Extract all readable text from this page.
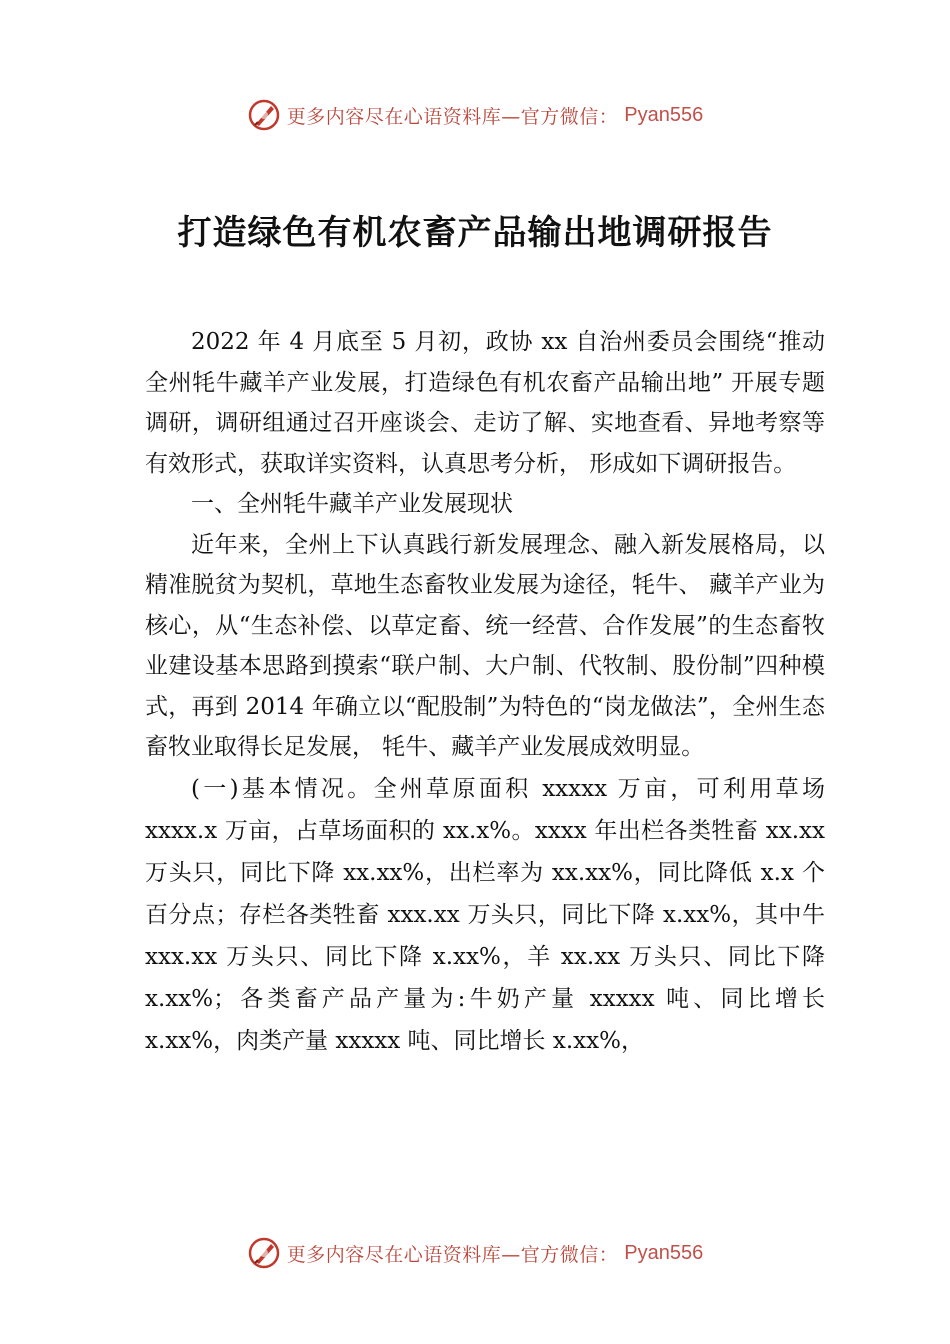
更多内容尽在心语资料库—官方微信： Pyan556
打造绿色有机农畜产品输出地调研报告

2022 年 4 月底至 5 月初，政协 xx 自治州委员会围绕“推动全州牦牛藏羊产业发展，打造绿色有机农畜产品输出地” 开展专题调研，调研组通过召开座谈会、走访了解、实地查看、异地考察等有效形式，获取详实资料，认真思考分析， 形成如下调研报告。

一、全州牦牛藏羊产业发展现状

近年来，全州上下认真践行新发展理念、融入新发展格局，以精准脱贫为契机，草地生态畜牧业发展为途径，牦牛、 藏羊产业为核心，从“生态补偿、以草定畜、统一经营、合作发展”的生态畜牧业建设基本思路到摸索“联户制、大户制、代牧制、股份制”四种模式，再到 2014 年确立以“配股制”为特色的“岗龙做法”，全州生态畜牧业取得长足发展， 牦牛、藏羊产业发展成效明显。

(一)基本情况。全州草原面积 xxxxx 万亩，可利用草场 xxxx.x 万亩，占草场面积的 xx.x%。xxxx 年出栏各类牲畜 xx.xx 万头只，同比下降 xx.xx%，出栏率为 xx.xx%，同比降低 x.x 个百分点；存栏各类牲畜 xxx.xx 万头只，同比下降 x.xx%，其中牛 xxx.xx 万头只、同比下降 x.xx%，羊 xx.xx 万头只、同比下降 x.xx%；各类畜产品产量为:牛奶产量 xxxxx 吨、同比增长 x.xx%，肉类产量 xxxxx 吨、同比增长 x.xx%，

更多内容尽在心语资料库—官方微信： Pyan556
